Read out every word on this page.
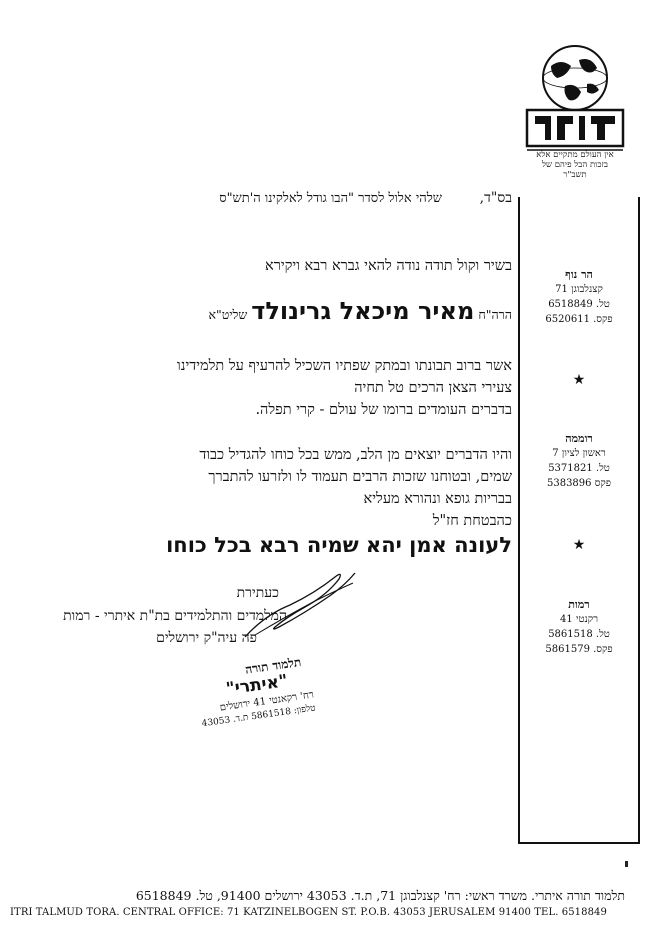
אין העולם מתקיים אלא
בזכות הבל פיהם של
תשב"ר
הר נוף
קצנלבוגן 71
טל. 6518849
פקס. 6520611
★
רוממה
ראשון לציון 7
טל. 5371821
פקס 5383896
★
רמות
רקנטי 41
טל. 5861518
פקס. 5861579
בס"ד,
שלהי אלול לסדר "הבו גודל לאלקינו ה'תש"ס
בשיר וקול תודה נודה להאי גברא רבא ויקירא
הרה"חמאיר מיכאל גרינולדשליט"א
אשר ברוב תבונתו ובמתק שפתיו השכיל להרעיף על תלמידינו
צעירי הצאן הרכים טל תחיה
בדברים העומדים ברומו של עולם - קרי תפלה.
והיו הדברים יוצאים מן הלב, ממש בכל כוחו להגדיל כבוד
שמים, ובטוחנו שזכות הרבים תעמוד לו ולזרעו להתברך
בבריות גופא ונהורא מעליא
כהבטחת חז"ל
לעונה אמן יהא שמיה רבא בכל כוחו
כעתירת
המלמדים והתלמידים בת"ת איתרי - רמות
פה עיה"ק ירושלים
תלמוד תורה
"איתרי"
רח' רקאנטי 41 ירושלים
טלפון: 5861518 ת.ד. 43053
תלמוד תורה איתרי. משרד ראשי: רח' קצנלבוגן 71, ת.ד. 43053 ירושלים 91400, טל. 6518849
ITRI TALMUD TORA. CENTRAL OFFICE: 71 KATZINELBOGEN ST. P.O.B. 43053 JERUSALEM 91400 TEL. 6518849
